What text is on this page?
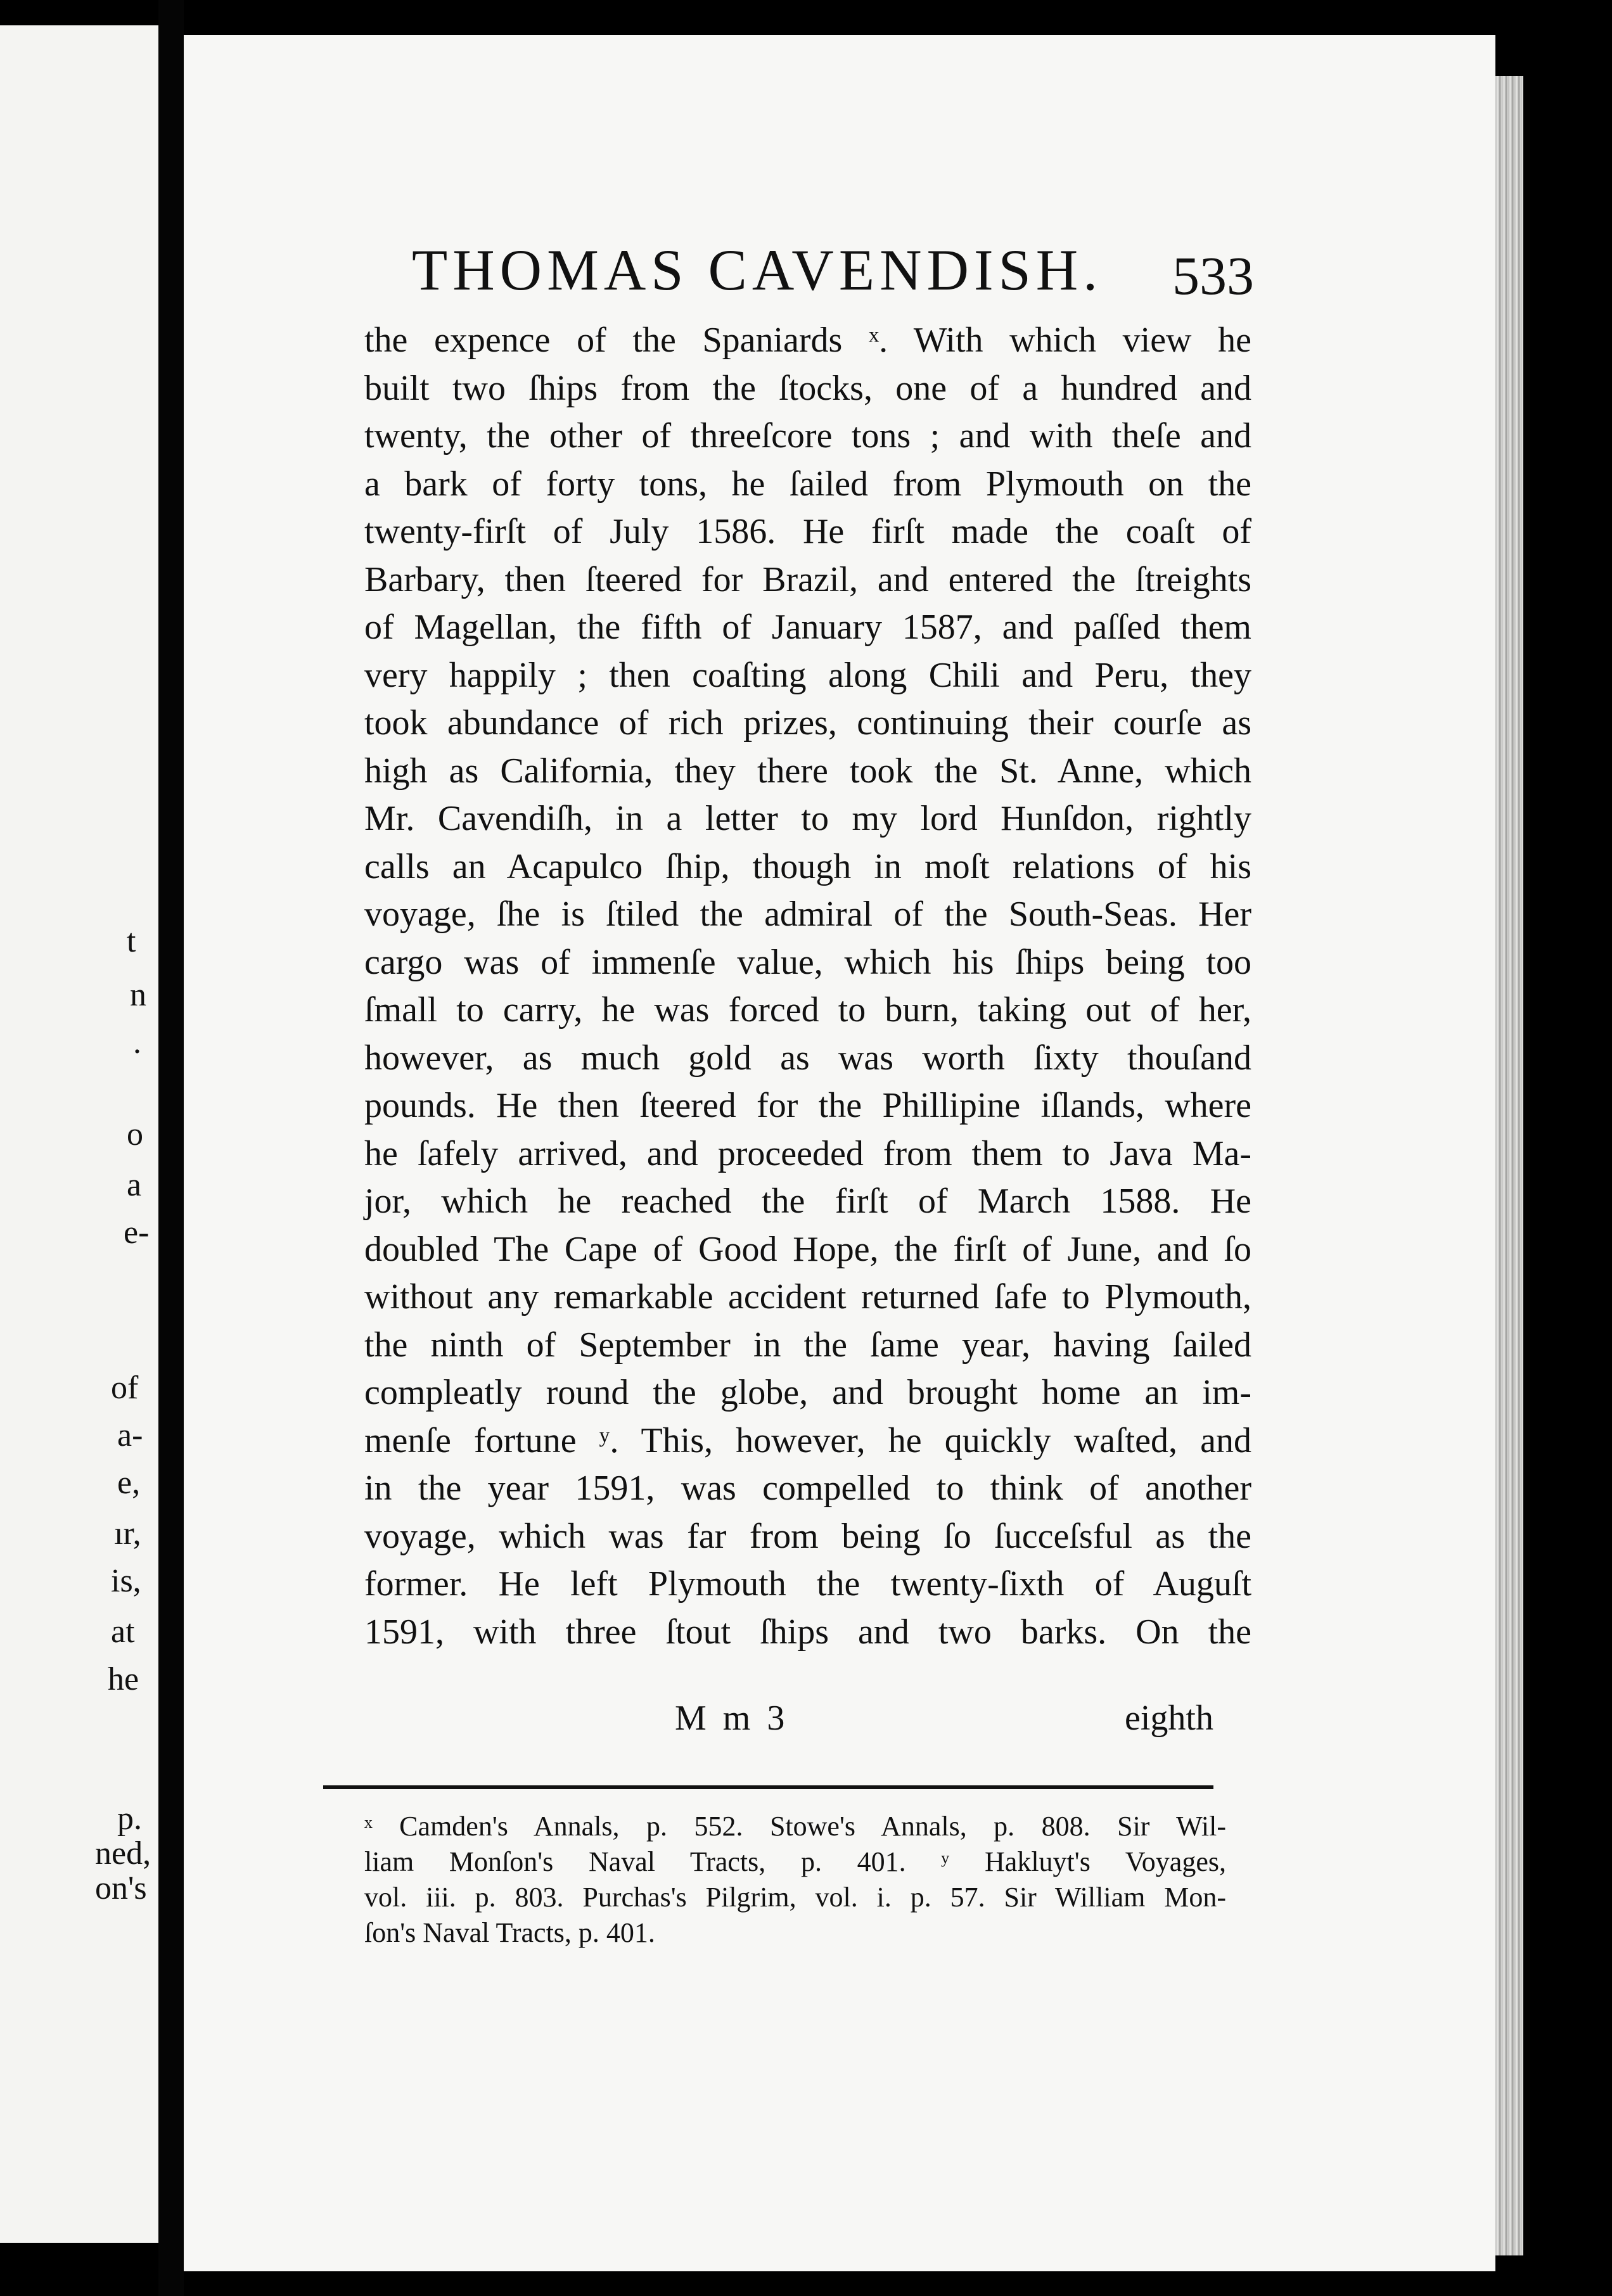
t
n
.
o
a
e-
of
a-
e,
ır,
is,
at
he
p.
ned,
on's
THOMAS CAVENDISH.	533
the expence of the Spaniards ˣ. With which view he
built two ſhips from the ſtocks, one of a hundred and
twenty, the other of threeſcore tons ; and with theſe and
a bark of forty tons, he ſailed from Plymouth on the
twenty-firſt of July 1586. He firſt made the coaſt of
Barbary, then ſteered for Brazil, and entered the ſtreights
of Magellan, the fifth of January 1587, and paſſed them
very happily ; then coaſting along Chili and Peru, they
took abundance of rich prizes, continuing their courſe as
high as California, they there took the St. Anne, which
Mr. Cavendiſh, in a letter to my lord Hunſdon, rightly
calls an Acapulco ſhip, though in moſt relations of his
voyage, ſhe is ſtiled the admiral of the South-Seas. Her
cargo was of immenſe value, which his ſhips being too
ſmall to carry, he was forced to burn, taking out of her,
however, as much gold as was worth ſixty thouſand
pounds. He then ſteered for the Phillipine iſlands, where
he ſafely arrived, and proceeded from them to Java Ma-
jor, which he reached the firſt of March 1588. He
doubled The Cape of Good Hope, the firſt of June, and ſo
without any remarkable accident returned ſafe to Plymouth,
the ninth of September in the ſame year, having ſailed
compleatly round the globe, and brought home an im-
menſe fortune ʸ. This, however, he quickly waſted, and
in the year 1591, was compelled to think of another
voyage, which was far from being ſo ſucceſsful as the
former. He left Plymouth the twenty-ſixth of Auguſt
1591, with three ſtout ſhips and two barks. On the
M m 3	eighth
ˣ Camden's Annals, p. 552. Stowe's Annals, p. 808. Sir Wil-
liam Monſon's Naval Tracts, p. 401. ʸ Hakluyt's Voyages,
vol. iii. p. 803. Purchas's Pilgrim, vol. i. p. 57. Sir William Mon-
ſon's Naval Tracts, p. 401.
